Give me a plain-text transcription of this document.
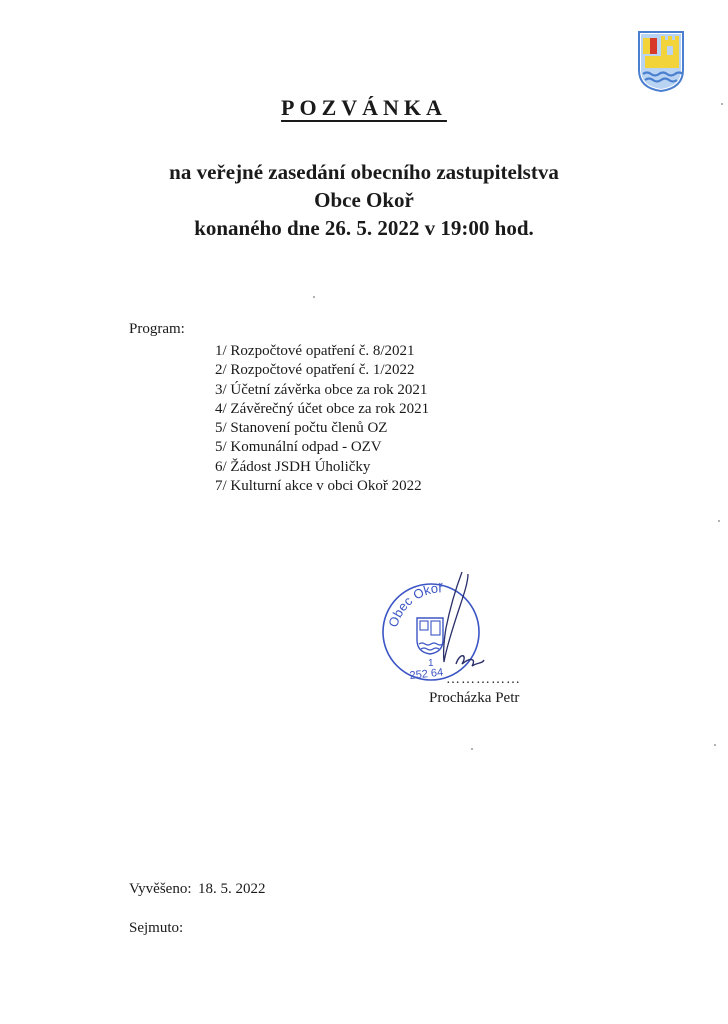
POZVÁNKA
na veřejné zasedání obecního zastupitelstva
Obce Okoř
konaného dne 26. 5. 2022 v 19:00 hod.
Program:
1/ Rozpočtové opatření č. 8/2021
2/ Rozpočtové opatření č. 1/2022
3/ Účetní závěrka obce za rok 2021
4/ Závěrečný účet obce za rok 2021
5/ Stanovení počtu členů OZ
5/ Komunální odpad - OZV
6/ Žádost JSDH Úholičky
7/ Kulturní akce v obci Okoř 2022
Obec Okoř
1
252 64 ……………
Procházka Petr
Vyvěšeno: 18. 5. 2022
Sejmuto:
